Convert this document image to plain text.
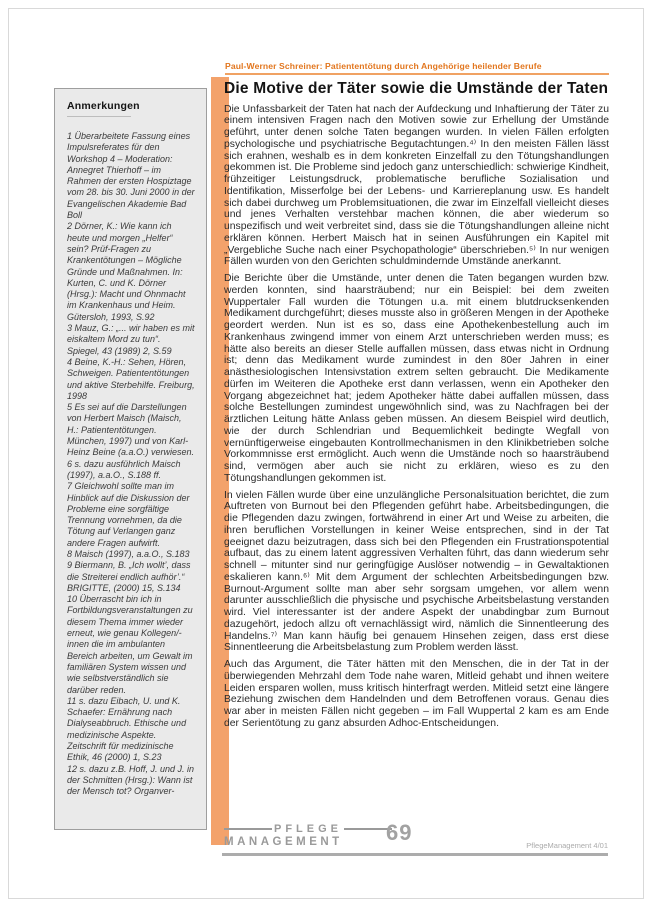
Paul-Werner Schreiner: Patiententötung durch Angehörige heilender Berufe
Anmerkungen

1 Überarbeitete Fassung eines Impulsreferates für den Workshop 4 – Moderation: Annegret Thierhoff – im Rahmen der ersten Hospiztage vom 28. bis 30. Juni 2000 in der Evangelischen Akademie Bad Boll

2 Dörner, K.: Wie kann ich heute und morgen „Helfer“ sein? Prüf-Fragen zu Krankentötungen – Mögliche Gründe und Maßnahmen. In: Kurten, C. und K. Dörner (Hrsg.): Macht und Ohnmacht im Krankenhaus und Heim. Gütersloh, 1993, S.92

3 Mauz, G.: „... wir haben es mit eiskaltem Mord zu tun“. Spiegel, 43 (1989) 2, S.59

4 Beine, K.-H.: Sehen, Hören, Schweigen. Patiententötungen und aktive Sterbehilfe. Freiburg, 1998

5 Es sei auf die Darstellungen von Herbert Maisch (Maisch, H.: Patiententötungen. München, 1997) und von Karl-Heinz Beine (a.a.O.) verwiesen.

6 s. dazu ausführlich Maisch (1997), a.a.O., S.188 ff.

7 Gleichwohl sollte man im Hinblick auf die Diskussion der Probleme eine sorgfältige Trennung vornehmen, da die Tötung auf Verlangen ganz andere Fragen aufwirft.

8 Maisch (1997), a.a.O., S.183

9 Biermann, B. „Ich wollt’, dass die Streiterei endlich aufhör’.“ BRIGITTE, (2000) 15, S.134

10 Überrascht bin ich in Fortbildungsveranstaltungen zu diesem Thema immer wieder erneut, wie genau Kollegen/-innen die im ambulanten Bereich arbeiten, um Gewalt im familiären System wissen und wie selbstverständlich sie darüber reden.

11 s. dazu Eibach, U. und K. Schaefer: Ernährung nach Dialyseabbruch. Ethische und medizinische Aspekte. Zeitschrift für medizinische Ethik, 46 (2000) 1, S.23

12 s. dazu z.B. Hoff, J. und J. in der Schmitten (Hrsg.): Wann ist der Mensch tot? Organver-

Die Motive der Täter sowie die Umstände der Taten

Die Unfassbarkeit der Taten hat nach der Aufdeckung und Inhaftierung der Täter zu einem intensiven Fragen nach den Motiven sowie zur Erhellung der Umstände geführt, unter denen solche Taten begangen wurden. In vielen Fällen erfolgten psychologische und psychiatrische Begutachtungen.⁴⁾ In den meisten Fällen lässt sich erahnen, weshalb es in dem konkreten Einzelfall zu den Tötungshandlungen gekommen ist. Die Probleme sind jedoch ganz unterschiedlich: schwierige Kindheit, frühzeitiger Leistungsdruck, problematische berufliche Sozialisation und Identifikation, Misserfolge bei der Lebens- und Karriereplanung usw. Es handelt sich dabei durchweg um Problemsituationen, die zwar im Einzelfall vielleicht dieses und jenes Verhalten verstehbar machen können, die aber wiederum so unspezifisch und weit verbreitet sind, dass sie die Tötungshandlungen alleine nicht erklären können. Herbert Maisch hat in seinen Ausführungen ein Kapitel mit „Vergebliche Suche nach einer Psychopathologie“ überschrieben.⁵⁾ In nur wenigen Fällen wurden von den Gerichten schuldmindernde Umstände anerkannt.

Die Berichte über die Umstände, unter denen die Taten begangen wurden bzw. werden konnten, sind haarsträubend; nur ein Beispiel: bei dem zweiten Wuppertaler Fall wurden die Tötungen u.a. mit einem blutdrucksenkenden Medikament durchgeführt; dieses musste also in größeren Mengen in der Apotheke geordert werden. Nun ist es so, dass eine Apothekenbestellung auch im Krankenhaus zwingend immer von einem Arzt unterschrieben werden muss; es hätte also bereits an dieser Stelle auffallen müssen, dass etwas nicht in Ordnung ist; denn das Medikament wurde zumindest in den 80er Jahren in einer anästhesiologischen Intensivstation extrem selten gebraucht. Die Medikamente dürfen im Weiteren die Apotheke erst dann verlassen, wenn ein Apotheker den Vorgang abgezeichnet hat; jedem Apotheker hätte dabei auffallen müssen, dass solche Bestellungen zumindest ungewöhnlich sind, was zu Nachfragen bei der ärztlichen Leitung hätte Anlass geben müssen. An diesem Beispiel wird deutlich, wie der durch Schlendrian und Bequemlichkeit bedingte Wegfall von vernünftigerweise eingebauten Kontrollmechanismen in den Klinikbetrieben solche Vorkommnisse erst ermöglicht. Auch wenn die Umstände noch so haarsträubend sind, vermögen aber auch sie nicht zu erklären, wieso es zu den Tötungshandlungen gekommen ist.

In vielen Fällen wurde über eine unzulängliche Personalsituation berichtet, die zum Auftreten von Burnout bei den Pflegenden geführt habe. Arbeitsbedingungen, die die Pflegenden dazu zwingen, fortwährend in einer Art und Weise zu arbeiten, die ihren beruflichen Vorstellungen in keiner Weise entsprechen, sind in der Tat geeignet dazu beizutragen, dass sich bei den Pflegenden ein Frustrationspotential aufbaut, das zu einem latent aggressiven Verhalten führt, das dann wiederum sehr schnell – mitunter sind nur geringfügige Auslöser notwendig – in Gewaltaktionen eskalieren kann.⁶⁾ Mit dem Argument der schlechten Arbeitsbedingungen bzw. Burnout-Argument sollte man aber sehr sorgsam umgehen, vor allem wenn darunter ausschließlich die physische und psychische Arbeitsbelastung verstanden wird. Viel interessanter ist der andere Aspekt der unabdingbar zum Burnout dazugehört, jedoch allzu oft vernachlässigt wird, nämlich die Sinnentleerung des Handelns.⁷⁾ Man kann häufig bei genauem Hinsehen zeigen, dass erst diese Sinnentleerung die Arbeitsbelastung zum Problem werden lässt.

Auch das Argument, die Täter hätten mit den Menschen, die in der Tat in der überwiegenden Mehrzahl dem Tode nahe waren, Mitleid gehabt und ihnen weitere Leiden ersparen wollen, muss kritisch hinterfragt werden. Mitleid setzt eine längere Beziehung zwischen dem Handelnden und dem Betroffenen voraus. Genau dies war aber in meisten Fällen nicht gegeben – im Fall Wuppertal 2 kam es am Ende der Serientötung zu ganz absurden Adhoc-Entscheidungen.

PFLEGE
MANAGEMENT	69
PflegeManagement 4/01
